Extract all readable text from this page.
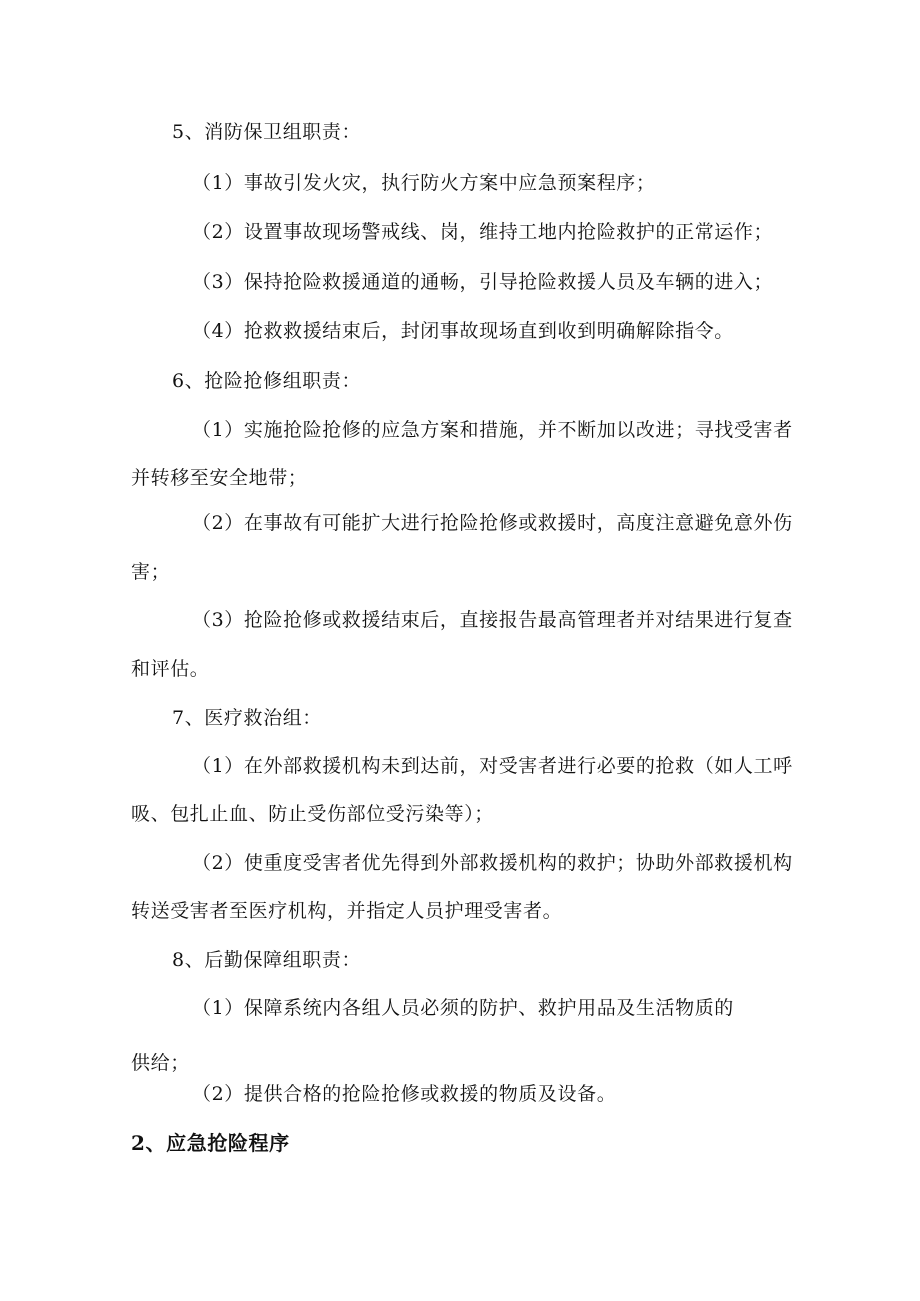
5、消防保卫组职责：
（1）事故引发火灾，执行防火方案中应急预案程序；
（2）设置事故现场警戒线、岗，维持工地内抢险救护的正常运作；
（3）保持抢险救援通道的通畅，引导抢险救援人员及车辆的进入；
（4）抢救救援结束后，封闭事故现场直到收到明确解除指令。
6、抢险抢修组职责：
（1）实施抢险抢修的应急方案和措施，并不断加以改进；寻找受害者
并转移至安全地带；
（2）在事故有可能扩大进行抢险抢修或救援时，高度注意避免意外伤
害；
（3）抢险抢修或救援结束后，直接报告最高管理者并对结果进行复查
和评估。
7、医疗救治组：
（1）在外部救援机构未到达前，对受害者进行必要的抢救（如人工呼
吸、包扎止血、防止受伤部位受污染等）；
（2）使重度受害者优先得到外部救援机构的救护；协助外部救援机构
转送受害者至医疗机构，并指定人员护理受害者。
8、后勤保障组职责：
（1）保障系统内各组人员必须的防护、救护用品及生活物质的
供给；
（2）提供合格的抢险抢修或救援的物质及设备。
2、应急抢险程序
